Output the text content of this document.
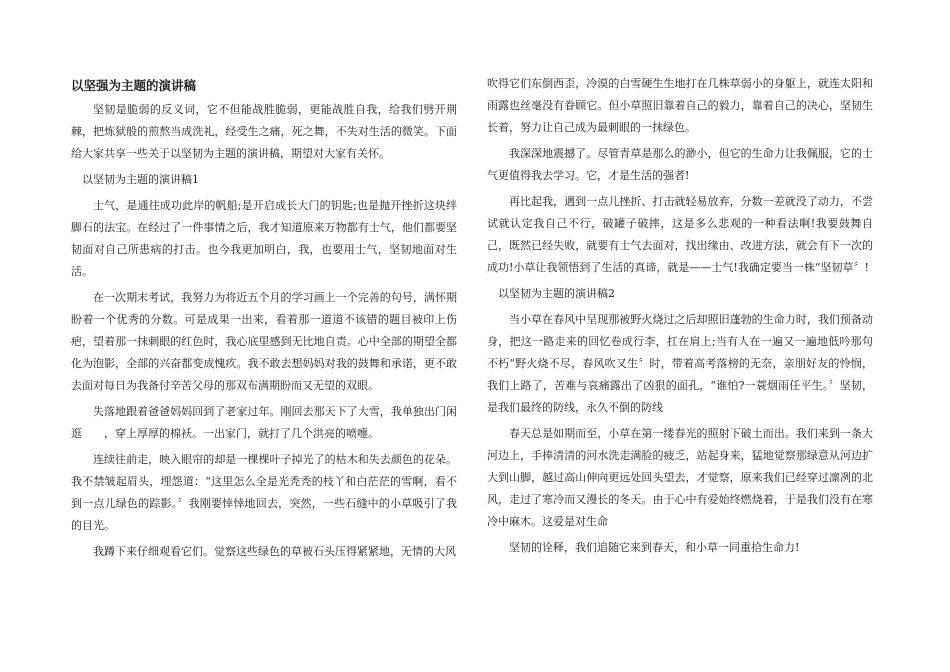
以坚强为主题的演讲稿

坚韧是脆弱的反义词，它不但能战胜脆弱，更能战胜自我，给我们劈开荆棘，把炼狱般的煎熬当成洗礼，经受生之痛，死之舞，不失对生活的微笑。下面给大家共享一些关于以坚韧为主题的演讲稿，期望对大家有关怀。

以坚韧为主题的演讲稿1

士气，是通往成功此岸的帆船;是开启成长大门的钥匙;也是抛开挫折这块绊脚石的法宝。在经过了一件事情之后，我才知道原来万物都有士气，他们都要坚韧面对自己所患病的打击。也今我更加明白，我，也要用士气，坚韧地面对生活。

在一次期末考试，我努力为将近五个月的学习画上一个完善的句号，满怀期盼着一个优秀的分数。可是成果一出来，看着那一道道不该错的题目被印上伤疤，望着那一抹刺眼的红色时，我心底里感到无比地自责。心中全部的期望全都化为泡影，全部的兴奋都变成愧疚。我不敢去想妈妈对我的鼓舞和承诺，更不敢去面对每日为我备付辛苦父母的那双布满期盼而又无望的双眼。

失落地跟着爸爸妈妈回到了老家过年。刚回去那天下了大雪，我单独出门闲逛　　，穿上厚厚的棉袄。一出家门，就打了几个洪亮的喷嚏。

连续往前走，映入眼帘的却是一棵棵叶子掉光了的枯木和失去颜色的花朵。我不禁皱起眉头，埋怨道：“这里怎么全是光秃秃的枝丫和白茫茫的雪啊，看不到一点儿绿色的踪影。〞我刚要悻悻地回去，突然，一些石缝中的小草吸引了我的目光。

我蹲下来仔细观看它们。觉察这些绿色的草被石头压得紧紧地，无情的大风

吹得它们东倒西歪，冷漠的白雪硬生生地打在几株草弱小的身躯上，就连太阳和雨露也丝毫没有眷顾它。但小草照旧靠着自己的毅力，靠着自己的决心，坚韧生长着，努力让自己成为最刺眼的一抹绿色。

我深深地震撼了。尽管青草是那么的渺小，但它的生命力让我佩服，它的士气更值得我去学习。它，才是生活的强者!

再比起我，遇到一点儿挫折、打击就轻易放弃，分数一差就没了动力，不尝试就认定我自己不行，破罐子破摔，这是多么悲观的一种看法啊!我要鼓舞自己，既然已经失败，就要有士气去面对，找出缘由、改进方法，就会有下一次的成功!小草让我领悟到了生活的真谛，就是——士气!我确定要当一株“坚韧草〞!

以坚韧为主题的演讲稿2

当小草在春风中呈现那被野火烧过之后却照旧蓬勃的生命力时，我们预备动身，把这一路走来的回忆卷成行李，扛在肩上;当有人在一遍又一遍地低吟那句不朽“野火烧不尽，春风吹又生〞时，带着高考落榜的无奈，亲朋好友的怜悯，我们上路了，苦难与哀痛露出了凶狠的面孔，“谁怕?一蓑烟雨任平生。〞坚韧，是我们最终的防线，永久不倒的防线

春天总是如期而至，小草在第一缕春光的照射下破土而出。我们来到一条大河边上，手捧清清的河水洗走满脸的疲乏，站起身来，猛地觉察那绿意从河边扩大到山脚，越过高山伸向更远处回头望去，才觉察，原来我们已经穿过凛冽的北风，走过了寒冷而又漫长的冬天。由于心中有爱始终燃烧着，于是我们没有在寒冷中麻木。这爱是对生命

坚韧的诠释，我们追随它来到春天，和小草一同重拾生命力!
